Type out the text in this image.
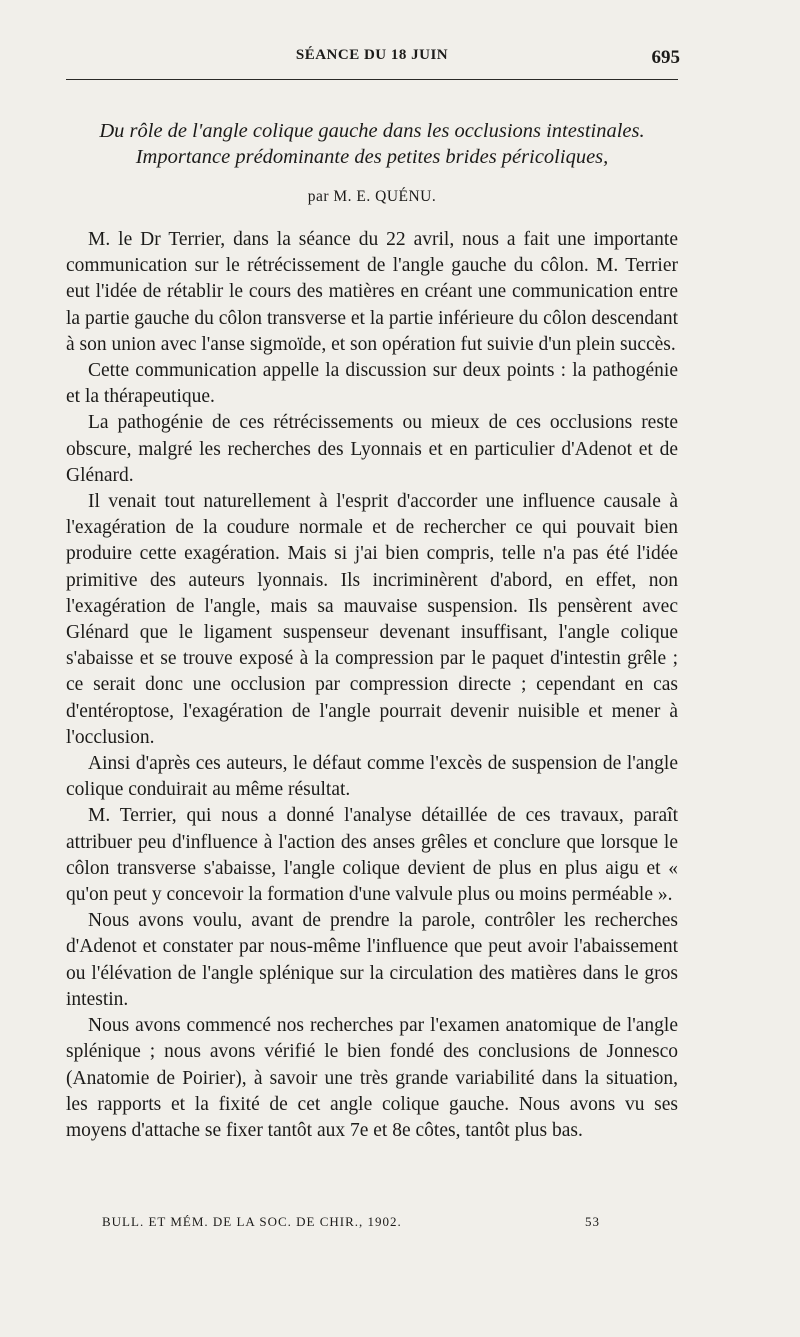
SÉANCE DU 18 JUIN	695
Du rôle de l'angle colique gauche dans les occlusions intestinales.
Importance prédominante des petites brides péricoliques,
par M. E. QUÉNU.

M. le Dr Terrier, dans la séance du 22 avril, nous a fait une importante communication sur le rétrécissement de l'angle gauche du côlon. M. Terrier eut l'idée de rétablir le cours des matières en créant une communication entre la partie gauche du côlon transverse et la partie inférieure du côlon descendant à son union avec l'anse sigmoïde, et son opération fut suivie d'un plein succès.

Cette communication appelle la discussion sur deux points : la pathogénie et la thérapeutique.

La pathogénie de ces rétrécissements ou mieux de ces occlusions reste obscure, malgré les recherches des Lyonnais et en particulier d'Adenot et de Glénard.

Il venait tout naturellement à l'esprit d'accorder une influence causale à l'exagération de la coudure normale et de rechercher ce qui pouvait bien produire cette exagération. Mais si j'ai bien compris, telle n'a pas été l'idée primitive des auteurs lyonnais. Ils incriminèrent d'abord, en effet, non l'exagération de l'angle, mais sa mauvaise suspension. Ils pensèrent avec Glénard que le ligament suspenseur devenant insuffisant, l'angle colique s'abaisse et se trouve exposé à la compression par le paquet d'intestin grêle ; ce serait donc une occlusion par compression directe ; cependant en cas d'entéroptose, l'exagération de l'angle pourrait devenir nuisible et mener à l'occlusion.

Ainsi d'après ces auteurs, le défaut comme l'excès de suspension de l'angle colique conduirait au même résultat.

M. Terrier, qui nous a donné l'analyse détaillée de ces travaux, paraît attribuer peu d'influence à l'action des anses grêles et conclure que lorsque le côlon transverse s'abaisse, l'angle colique devient de plus en plus aigu et « qu'on peut y concevoir la formation d'une valvule plus ou moins perméable ».

Nous avons voulu, avant de prendre la parole, contrôler les recherches d'Adenot et constater par nous-même l'influence que peut avoir l'abaissement ou l'élévation de l'angle splénique sur la circulation des matières dans le gros intestin.

Nous avons commencé nos recherches par l'examen anatomique de l'angle splénique ; nous avons vérifié le bien fondé des conclusions de Jonnesco (Anatomie de Poirier), à savoir une très grande variabilité dans la situation, les rapports et la fixité de cet angle colique gauche. Nous avons vu ses moyens d'attache se fixer tantôt aux 7e et 8e côtes, tantôt plus bas.

BULL. ET MÉM. DE LA SOC. DE CHIR., 1902.	53
